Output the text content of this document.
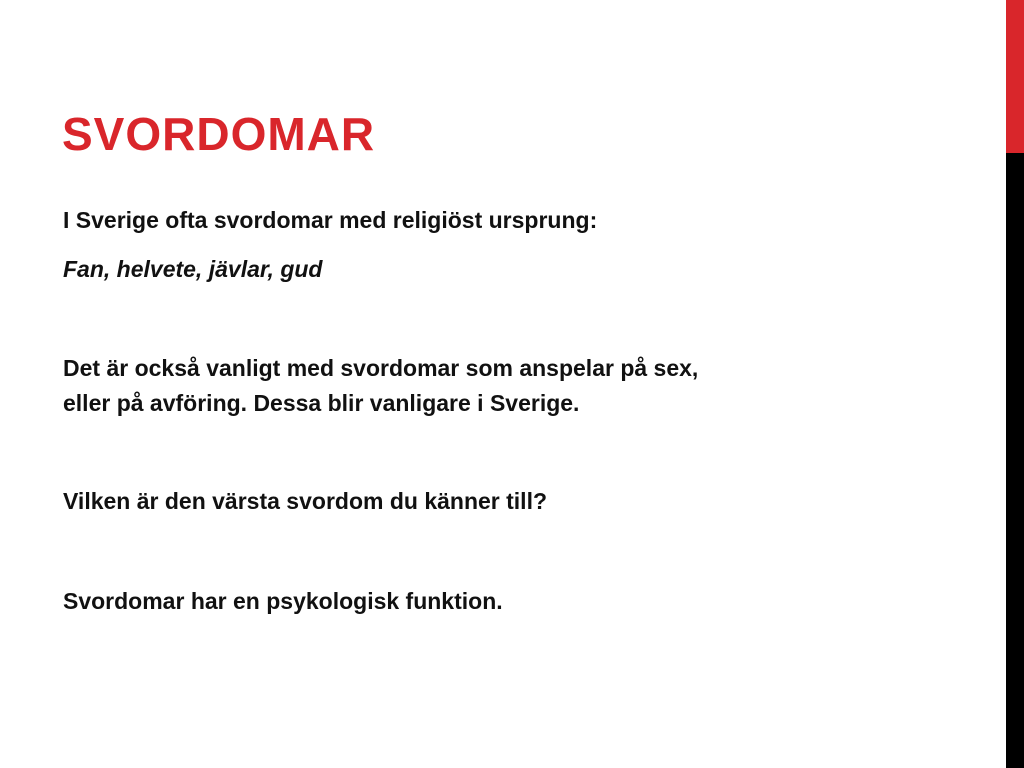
SVORDOMAR

I Sverige ofta svordomar med religiöst ursprung:

Fan, helvete, jävlar, gud

Det är också vanligt med svordomar som anspelar på sex,

eller på avföring. Dessa blir vanligare i Sverige.

Vilken är den värsta svordom du känner till?

Svordomar har en psykologisk funktion.
